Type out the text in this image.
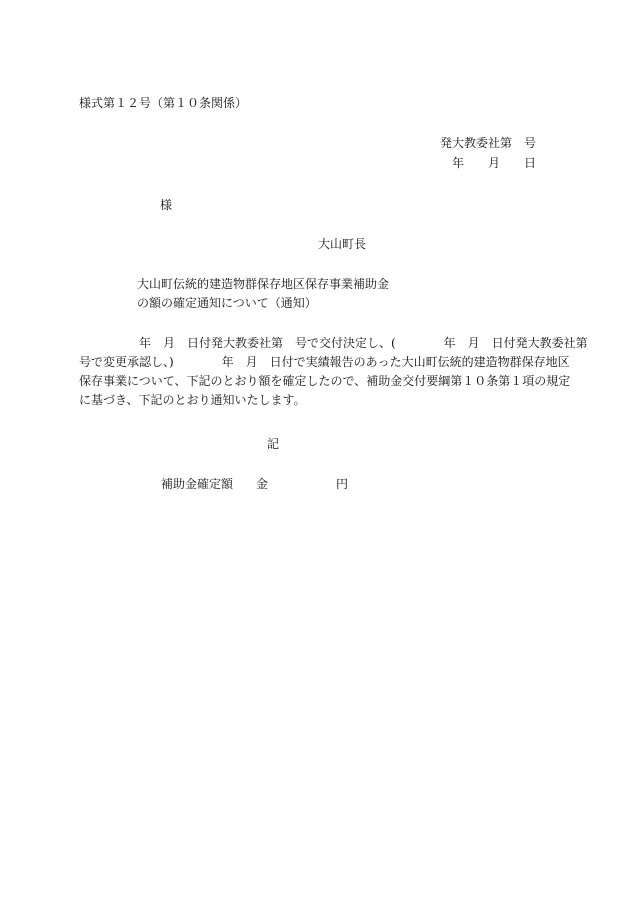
様式第１２号（第１０条関係）

発大教委社第　号

年　　月　　日

様

大山町長

大山町伝統的建造物群保存地区保存事業補助金

の額の確定通知について（通知）

　　　　　年　月　日付発大教委社第　号で交付決定し、(　　　　年　月　日付発大教委社第
号で変更承認し、)　　　　年　月　日付で実績報告のあった大山町伝統的建造物群保存地区
保存事業について、下記のとおり額を確定したので、補助金交付要綱第１０条第１項の規定
に基づき、下記のとおり通知いたします。

記

補助金確定額 金	円
